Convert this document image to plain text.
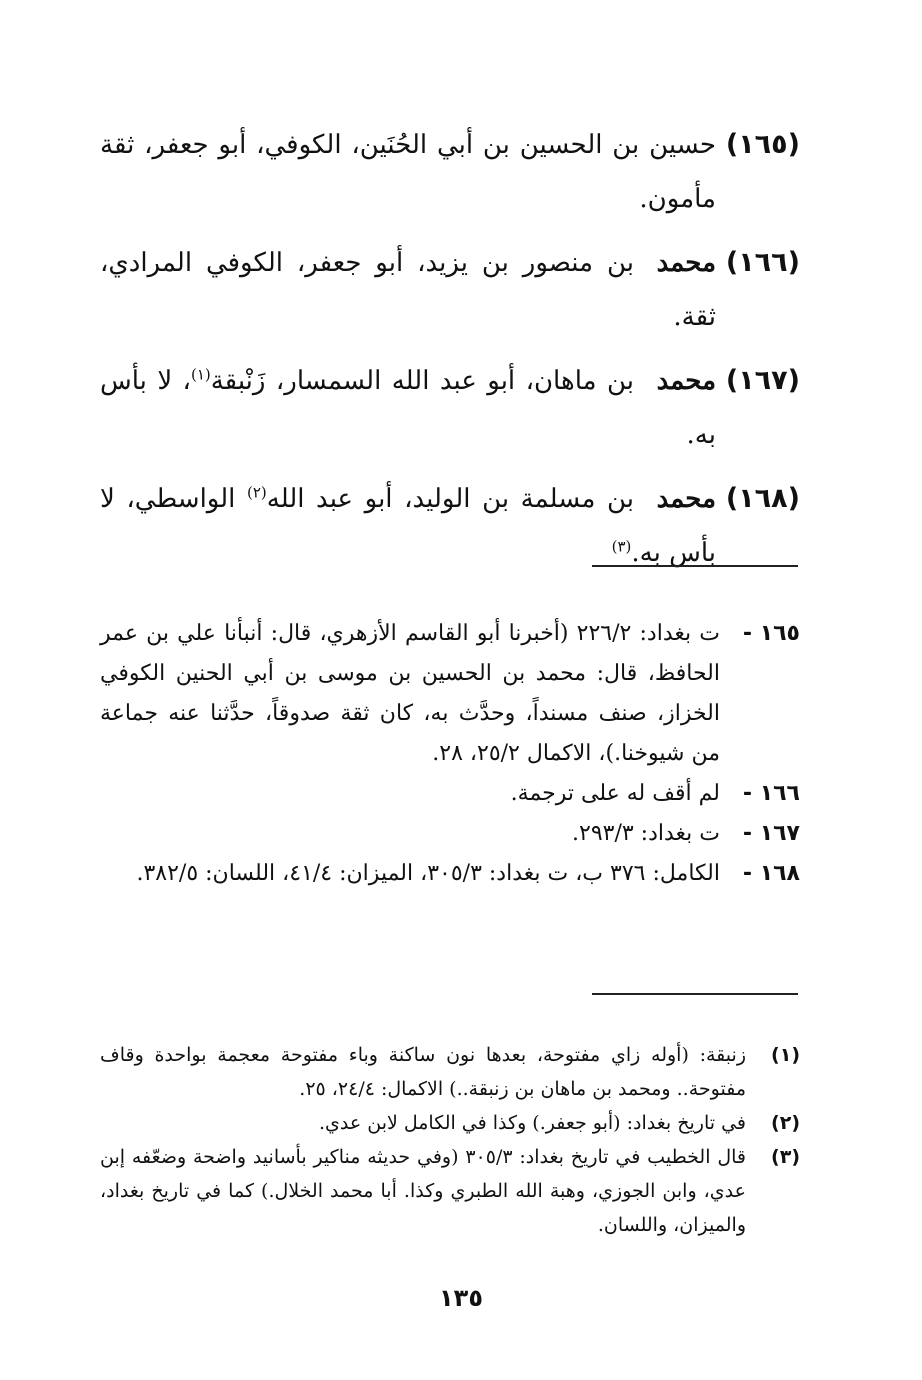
(١٦٥)
حسين بن الحسين بن أبي الحُنَين، الكوفي، أبو جعفر، ثقة مأمون.
(١٦٦)
محمدبن منصور بن يزيد، أبو جعفر، الكوفي المرادي، ثقة.
(١٦٧)
محمدبن ماهان، أبو عبد الله السمسار، زَنْبقة$^{(١)}$، لا بأس به.
(١٦٨)
محمدبن مسلمة بن الوليد، أبو عبد الله$^{(٢)}$ الواسطي، لا بأس به.$^{(٣)}$
١٦٥ -
ت بغداد: ٢٢٦/٢ (أخبرنا أبو القاسم الأزهري، قال: أنبأنا علي بن عمر الحافظ، قال: محمد بن الحسين بن موسى بن أبي الحنين الكوفي الخزاز، صنف مسنداً، وحدَّث به، كان ثقة صدوقاً، حدَّثنا عنه جماعة من شيوخنا.)، الاكمال ٢٥/٢، ٢٨.
١٦٦ -
لم أقف له على ترجمة.
١٦٧ -
ت بغداد: ٢٩٣/٣.
١٦٨ -
الكامل: ٣٧٦ ب، ت بغداد: ٣٠٥/٣، الميزان: ٤١/٤، اللسان: ٣٨٢/٥.
(١)
زنبقة: (أوله زاي مفتوحة، بعدها نون ساكنة وباء مفتوحة معجمة بواحدة وقاف مفتوحة.. ومحمد بن ماهان بن زنبقة..) الاكمال: ٢٤/٤، ٢٥.
(٢)
في تاريخ بغداد: (أبو جعفر.) وكذا في الكامل لابن عدي.
(٣)
قال الخطيب في تاريخ بغداد: ٣٠٥/٣ (وفي حديثه مناكير بأسانيد واضحة وضعّفه إبن عدي، وابن الجوزي، وهبة الله الطبري وكذا. أبا محمد الخلال.) كما في تاريخ بغداد، والميزان، واللسان.
١٣٥
